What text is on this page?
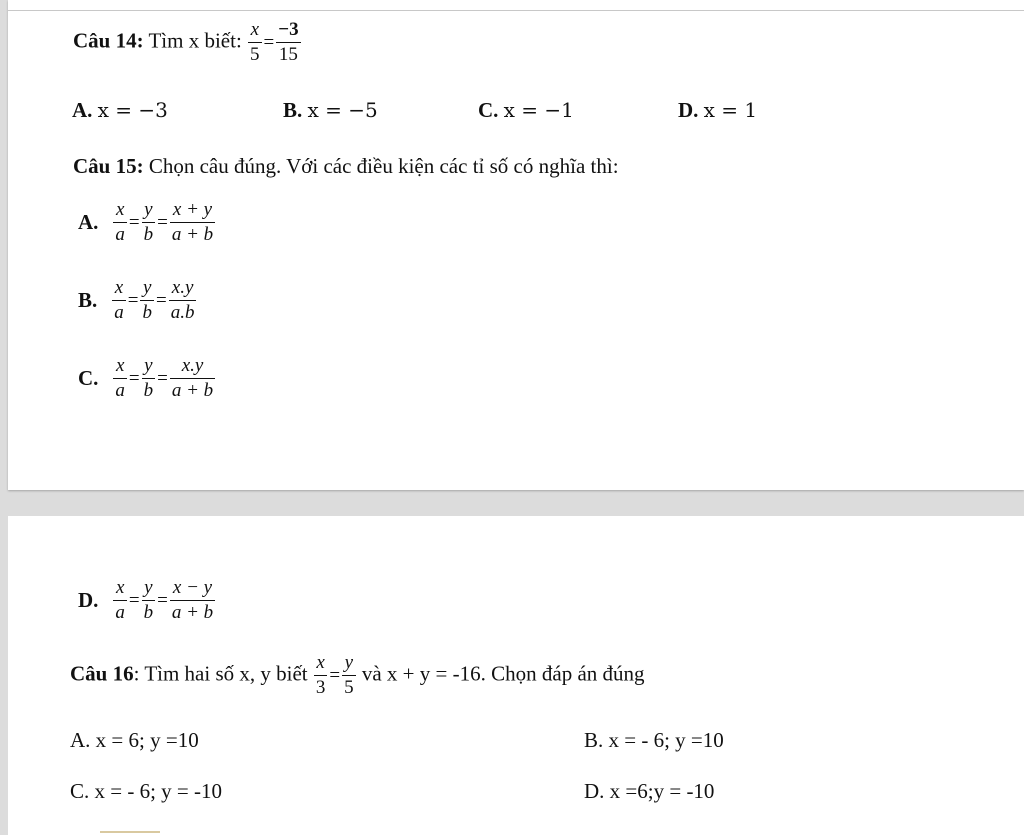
Câu 14: Tìm x biết: $\frac{x}{5} = \frac{-3}{15}$
A. x = −3	B. x = −5	C. x = −1	D. x = 1
Câu 15: Chọn câu đúng. Với các điều kiện các tỉ số có nghĩa thì:
A. $\frac{x}{a} = \frac{y}{b} = \frac{x + y}{a + b}$
B. $\frac{x}{a} = \frac{y}{b} = \frac{x.y}{a.b}$
C. $\frac{x}{a} = \frac{y}{b} = \frac{x.y}{a + b}$
D. $\frac{x}{a} = \frac{y}{b} = \frac{x - y}{a + b}$
Câu 16: Tìm hai số x, y biết $\frac{x}{3} = \frac{y}{5}$ và x + y = -16. Chọn đáp án đúng
A. x = 6; y =10	B. x = - 6; y =10
C. x = - 6; y = -10	D. x =6;y = -10
